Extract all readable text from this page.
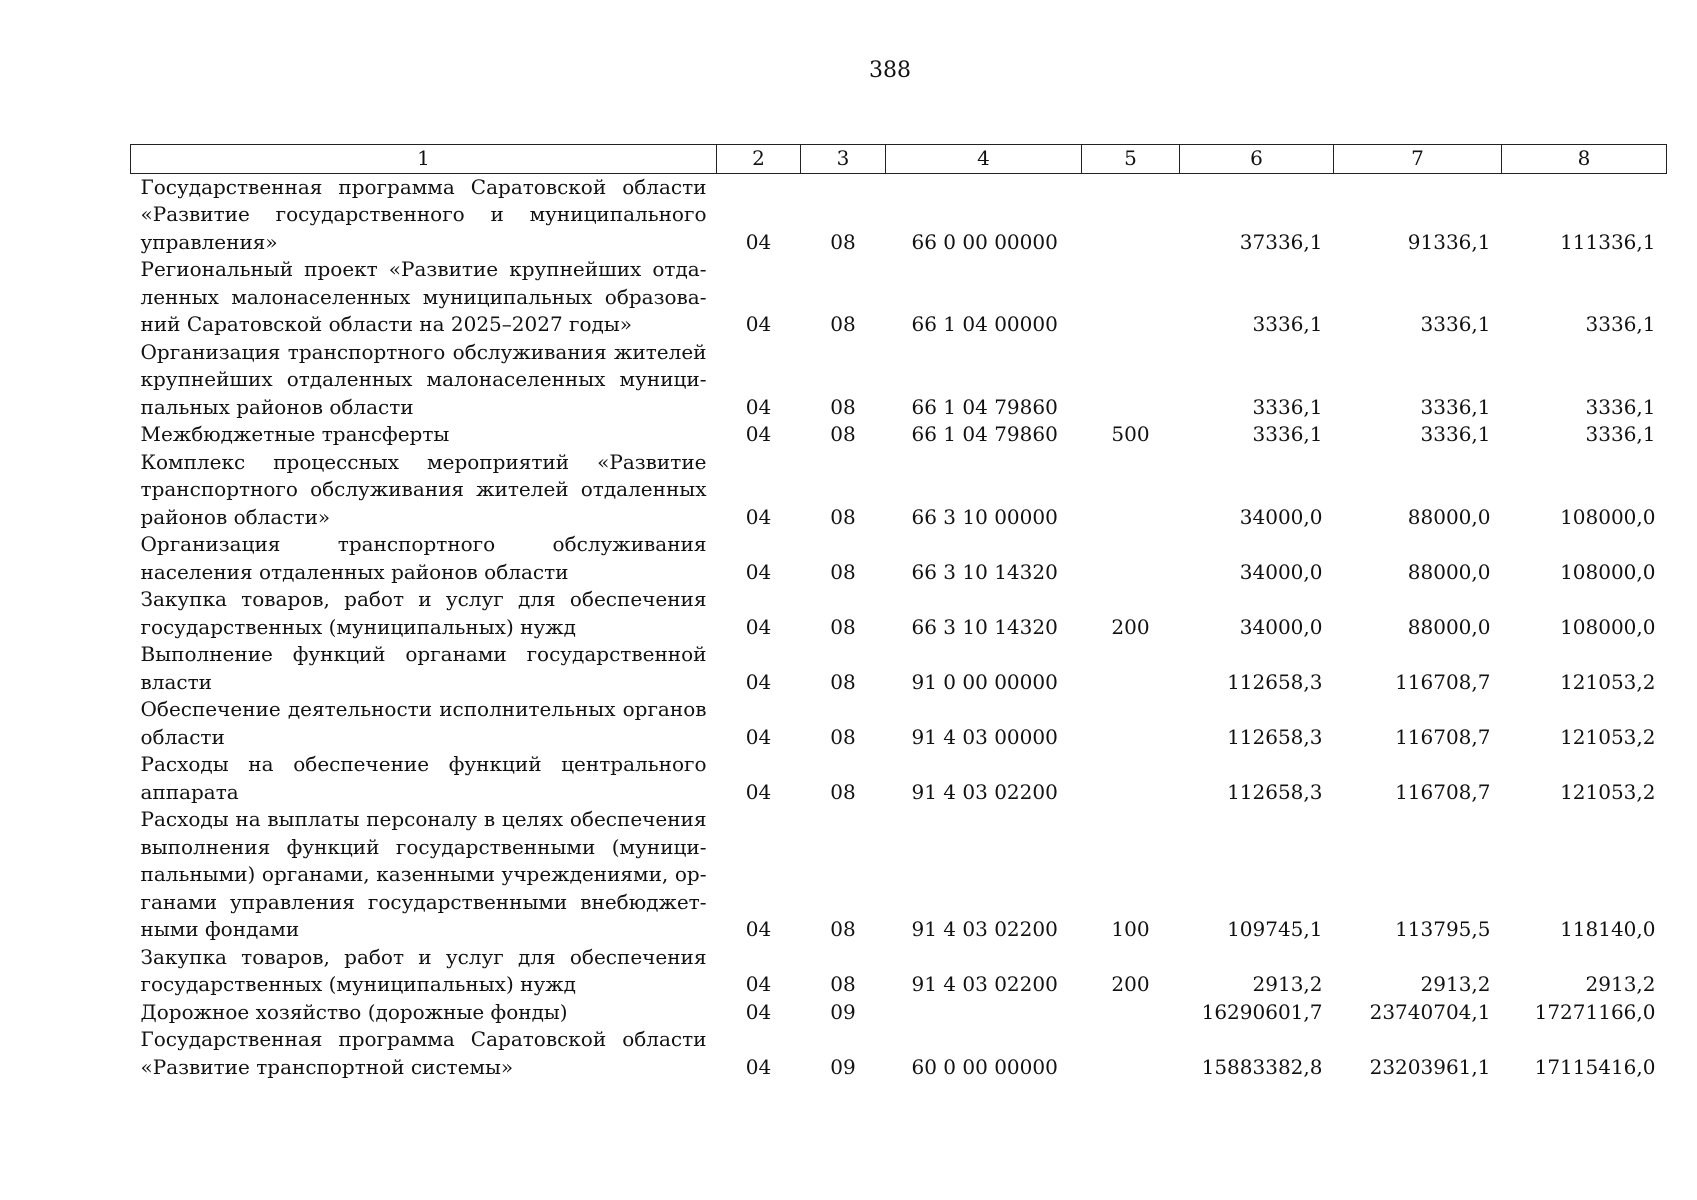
388
1	2	3	4	5	6	7	8
Государственная программа Саратовской области «Развитие государственного и муниципального управления»	04	08	66 0 00 00000		37336,1	91336,1	111336,1
Региональный проект «Развитие крупнейших отдаленных малонаселенных муниципальных образований Саратовской области на 2025–2027 годы»	04	08	66 1 04 00000		3336,1	3336,1	3336,1
Организация транспортного обслуживания жителей крупнейших отдаленных малонаселенных муниципальных районов области	04	08	66 1 04 79860		3336,1	3336,1	3336,1
Межбюджетные трансферты	04	08	66 1 04 79860	500	3336,1	3336,1	3336,1
Комплекс процессных мероприятий «Развитие транспортного обслуживания жителей отдаленных районов области»	04	08	66 3 10 00000		34000,0	88000,0	108000,0
Организация транспортного обслуживания населения отдаленных районов области	04	08	66 3 10 14320		34000,0	88000,0	108000,0
Закупка товаров, работ и услуг для обеспечения государственных (муниципальных) нужд	04	08	66 3 10 14320	200	34000,0	88000,0	108000,0
Выполнение функций органами государственной власти	04	08	91 0 00 00000		112658,3	116708,7	121053,2
Обеспечение деятельности исполнительных органов области	04	08	91 4 03 00000		112658,3	116708,7	121053,2
Расходы на обеспечение функций центрального аппарата	04	08	91 4 03 02200		112658,3	116708,7	121053,2
Расходы на выплаты персоналу в целях обеспечения выполнения функций государственными (муниципальными) органами, казенными учреждениями, органами управления государственными внебюджетными фондами	04	08	91 4 03 02200	100	109745,1	113795,5	118140,0
Закупка товаров, работ и услуг для обеспечения государственных (муниципальных) нужд	04	08	91 4 03 02200	200	2913,2	2913,2	2913,2
Дорожное хозяйство (дорожные фонды)	04	09			16290601,7	23740704,1	17271166,0
Государственная программа Саратовской области «Развитие транспортной системы»	04	09	60 0 00 00000		15883382,8	23203961,1	17115416,0
